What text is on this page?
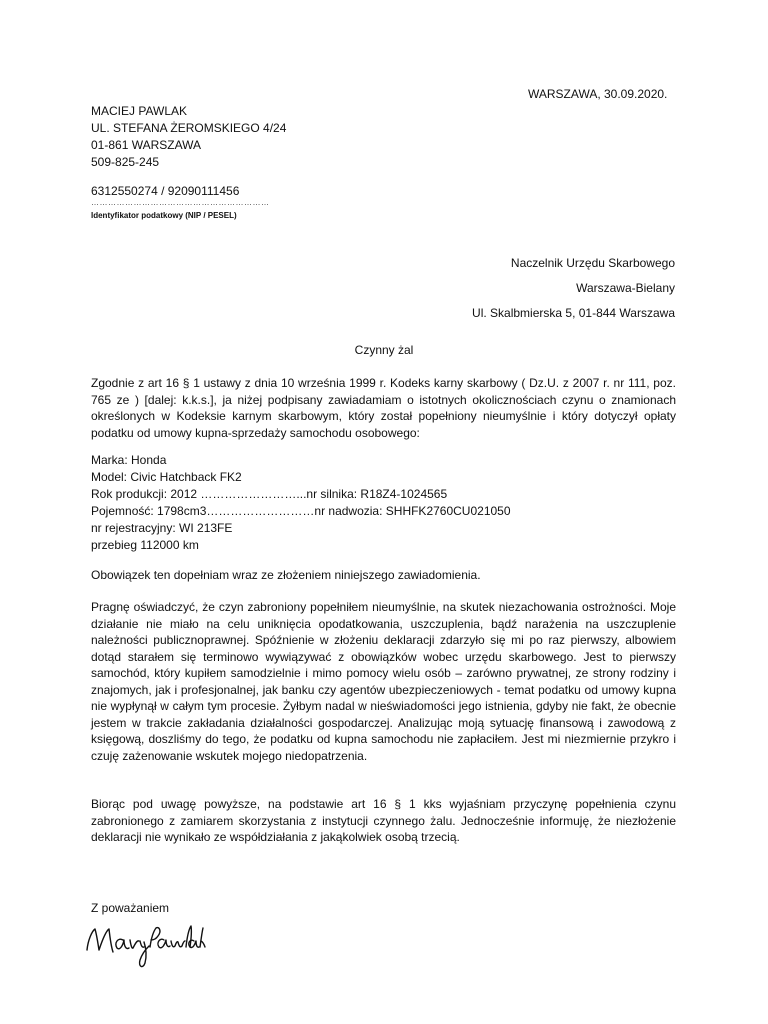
WARSZAWA, 30.09.2020.
MACIEJ PAWLAK
UL. STEFANA ŻEROMSKIEGO 4/24
01-861 WARSZAWA
509-825-245
6312550274 / 92090111456
………………………………………………………
Identyfikator podatkowy (NIP / PESEL)
Naczelnik Urzędu Skarbowego
Warszawa-Bielany
Ul. Skalbmierska 5, 01-844 Warszawa
Czynny żal

Zgodnie z art 16 § 1 ustawy z dnia 10 września 1999 r. Kodeks karny skarbowy ( Dz.U. z 2007 r. nr 111, poz. 765 ze ) [dalej: k.k.s.], ja niżej podpisany zawiadamiam o istotnych okolicznościach czynu o znamionach określonych w Kodeksie karnym skarbowym, który został popełniony nieumyślnie i który dotyczył opłaty podatku od umowy kupna-sprzedaży samochodu osobowego:

Marka: Honda
Model: Civic Hatchback FK2
Rok produkcji: 2012 ……………………...nr silnika: R18Z4-1024565
Pojemność: 1798cm3………………………nr nadwozia: SHHFK2760CU021050
nr rejestracyjny: WI 213FE
przebieg 112000 km

Obowiązek ten dopełniam wraz ze złożeniem niniejszego zawiadomienia.

Pragnę oświadczyć, że czyn zabroniony popełniłem nieumyślnie, na skutek niezachowania ostrożności. Moje działanie nie miało na celu uniknięcia opodatkowania, uszczuplenia, bądź narażenia na uszczuplenie należności publicznoprawnej. Spóźnienie w złożeniu deklaracji zdarzyło się mi po raz pierwszy, albowiem dotąd starałem się terminowo wywiązywać z obowiązków wobec urzędu skarbowego. Jest to pierwszy samochód, który kupiłem samodzielnie i mimo pomocy wielu osób – zarówno prywatnej, ze strony rodziny i znajomych, jak i profesjonalnej, jak banku czy agentów ubezpieczeniowych - temat podatku od umowy kupna nie wypłynął w całym tym procesie. Żyłbym nadal w nieświadomości jego istnienia, gdyby nie fakt, że obecnie jestem w trakcie zakładania działalności gospodarczej. Analizując moją sytuację finansową i zawodową z księgową, doszliśmy do tego, że podatku od kupna samochodu nie zapłaciłem. Jest mi niezmiernie przykro i czuję zażenowanie wskutek mojego niedopatrzenia.

Biorąc pod uwagę powyższe, na podstawie art 16 § 1 kks wyjaśniam przyczynę popełnienia czynu zabronionego z zamiarem skorzystania z instytucji czynnego żalu. Jednocześnie informuję, że niezłożenie deklaracji nie wynikało ze współdziałania z jakąkolwiek osobą trzecią.

Z poważaniem
